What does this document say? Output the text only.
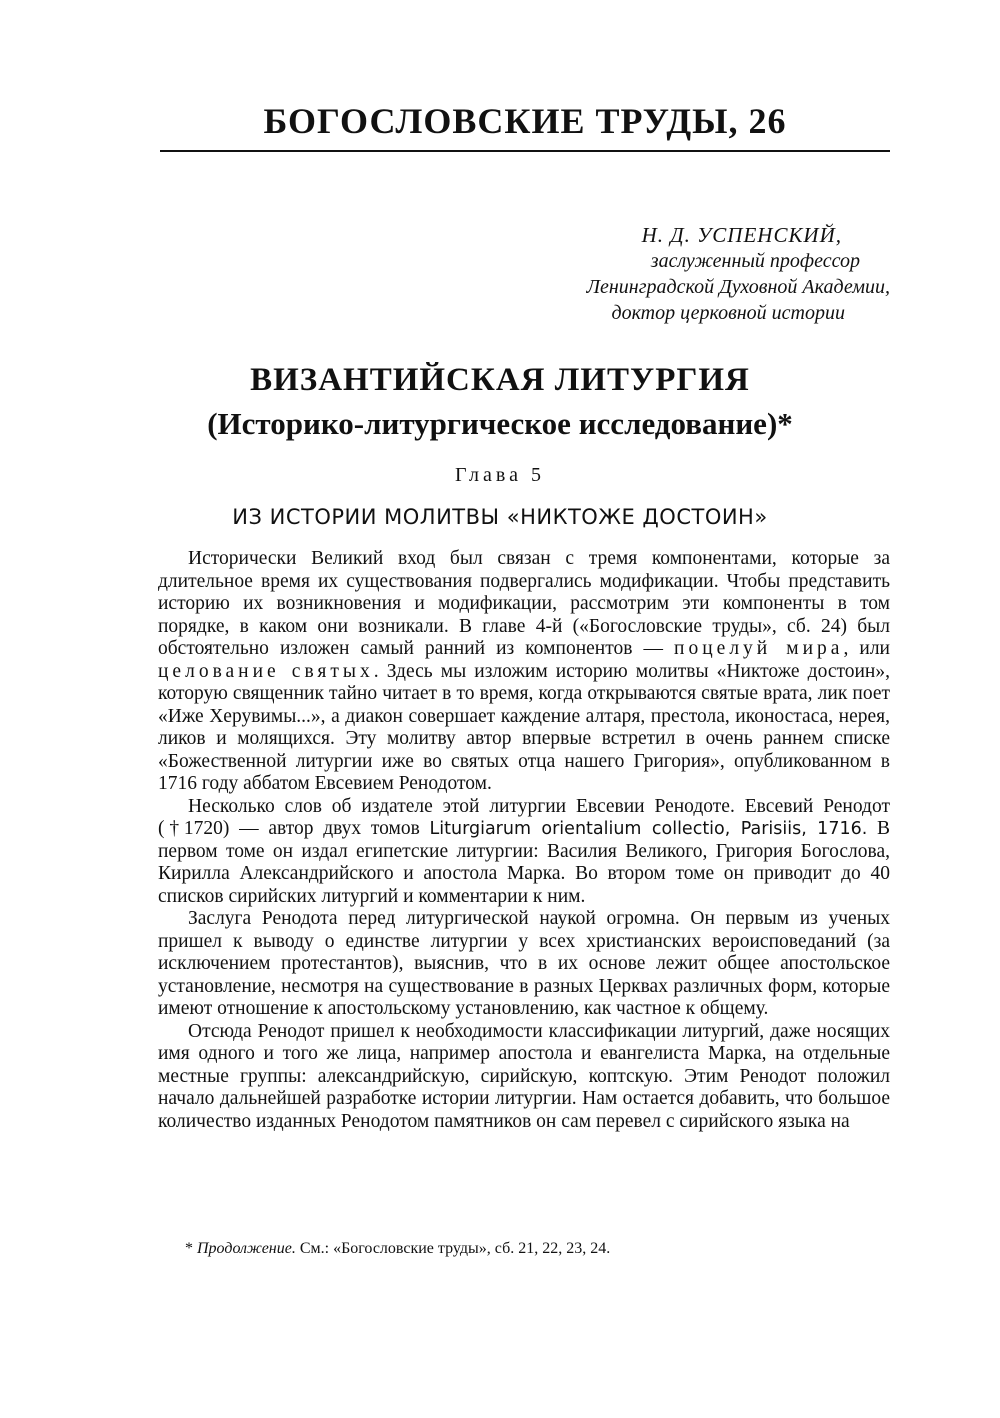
БОГОСЛОВСКИЕ ТРУДЫ, 26
Н. Д. УСПЕНСКИЙ,
заслуженный профессор
Ленинградской Духовной Академии,
доктор церковной истории
ВИЗАНТИЙСКАЯ ЛИТУРГИЯ
(Историко-литургическое исследование)*
Глава 5
ИЗ ИСТОРИИ МОЛИТВЫ «НИКТОЖЕ ДОСТОИН»

Исторически Великий вход был связан с тремя компонентами, которые за длительное время их существования подвергались модификации. Чтобы представить историю их возникновения и модификации, рассмотрим эти компоненты в том порядке, в каком они возникали. В главе 4-й («Богословские труды», сб. 24) был обстоятельно изложен самый ранний из компонентов — поцелуй мира, или целование святых. Здесь мы изложим историю молитвы «Никтоже достоин», которую священник тайно читает в то время, когда открываются святые врата, лик поет «Иже Херувимы...», а диакон совершает каждение алтаря, престола, иконостаса, нерея, ликов и молящихся. Эту молитву автор впервые встретил в очень раннем списке «Божественной литургии иже во святых отца нашего Григория», опубликованном в 1716 году аббатом Евсевием Ренодотом.

Несколько слов об издателе этой литургии Евсевии Ренодоте. Евсевий Ренодот (†1720) — автор двух томов Liturgiarum orientalium collectio, Parisiis, 1716. В первом томе он издал египетские литургии: Василия Великого, Григория Богослова, Кирилла Александрийского и апостола Марка. Во втором томе он приводит до 40 списков сирийских литургий и комментарии к ним.

Заслуга Ренодота перед литургической наукой огромна. Он первым из ученых пришел к выводу о единстве литургии у всех христианских вероисповеданий (за исключением протестантов), выяснив, что в их основе лежит общее апостольское установление, несмотря на существование в разных Церквах различных форм, которые имеют отношение к апостольскому установлению, как частное к общему.

Отсюда Ренодот пришел к необходимости классификации литургий, даже носящих имя одного и того же лица, например апостола и евангелиста Марка, на отдельные местные группы: александрийскую, сирийскую, коптскую. Этим Ренодот положил начало дальнейшей разработке истории литургии. Нам остается добавить, что большое количество изданных Ренодотом памятников он сам перевел с сирийского языка на

* Продолжение. См.: «Богословские труды», сб. 21, 22, 23, 24.
